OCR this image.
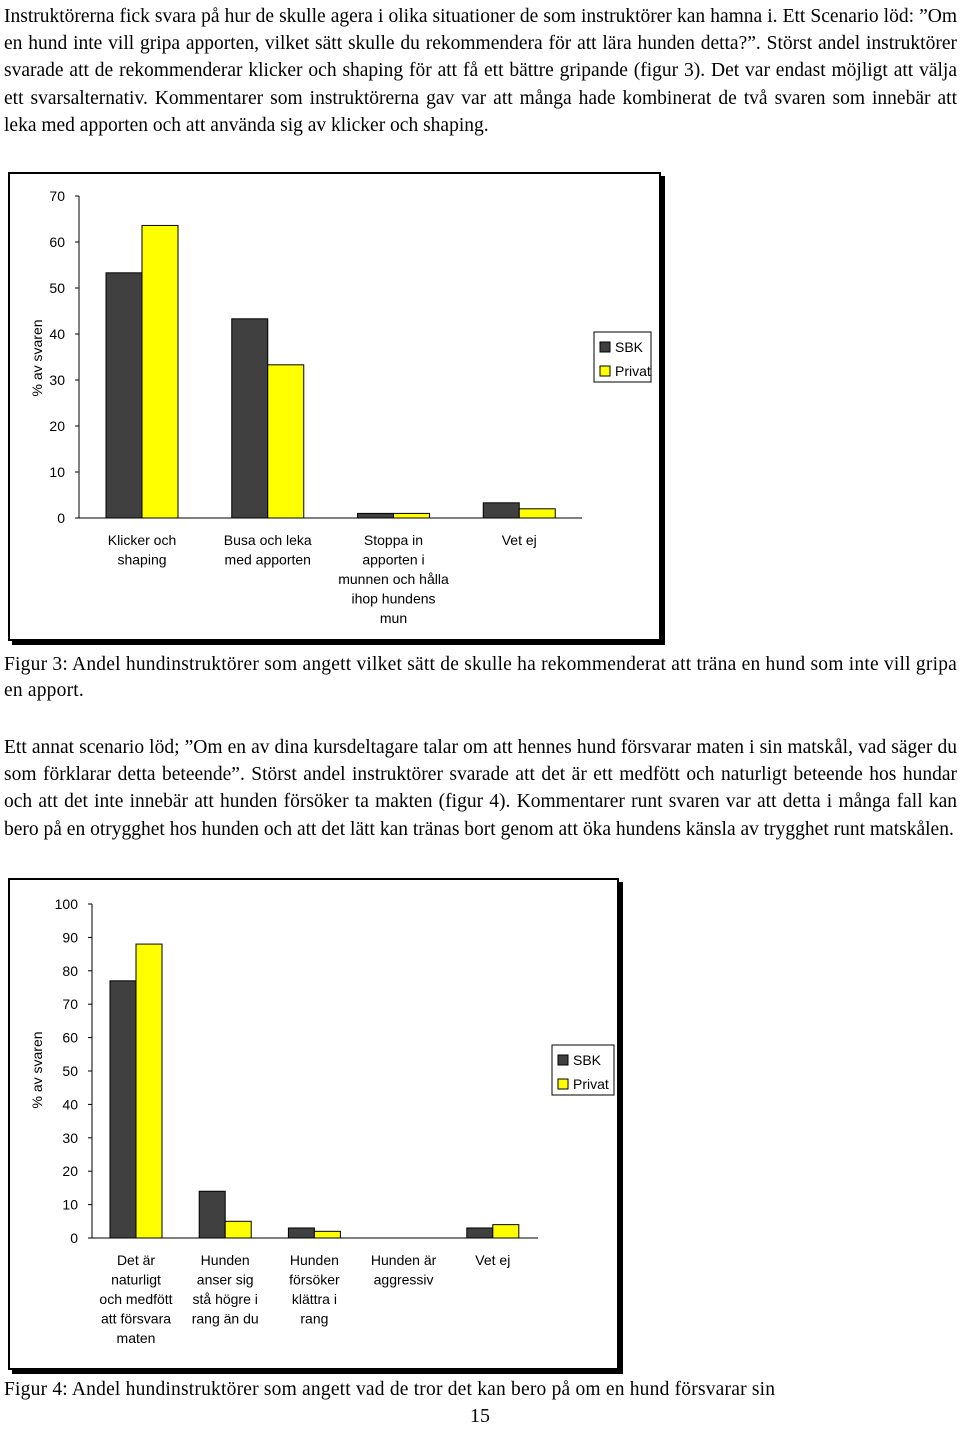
Instruktörerna fick svara på hur de skulle agera i olika situationer de som instruktörer kan hamna i. Ett Scenario löd: ”Om en hund inte vill gripa apporten, vilket sätt skulle du rekommendera för att lära hunden detta?”. Störst andel instruktörer svarade att de rekommenderar klicker och shaping för att få ett bättre gripande (figur 3). Det var endast möjligt att välja ett svarsalternativ. Kommentarer som instruktörerna gav var att många hade kombinerat de två svaren som innebär att leka med apporten och att använda sig av klicker och shaping.

0
10
20
30
40
50
60
70
% av svaren
Klicker och
shaping
Busa och leka
med apporten
Stoppa in
apporten i
munnen och hålla
ihop hundens
mun
Vet ej
SBK
Privat

Figur 3: Andel hundinstruktörer som angett vilket sätt de skulle ha rekommenderat att träna en hund som inte vill gripa en apport.

Ett annat scenario löd; ”Om en av dina kursdeltagare talar om att hennes hund försvarar maten i sin matskål, vad säger du som förklarar detta beteende”. Störst andel instruktörer svarade att det är ett medfött och naturligt beteende hos hundar och att det inte innebär att hunden försöker ta makten (figur 4). Kommentarer runt svaren var att detta i många fall kan bero på en otrygghet hos hunden och att det lätt kan tränas bort genom att öka hundens känsla av trygghet runt matskålen.

0
10
20
30
40
50
60
70
80
90
100
% av svaren
Det är
naturligt
och medfött
att försvara
maten
Hunden
anser sig
stå högre i
rang än du
Hunden
försöker
klättra i
rang
Hunden är
aggressiv
Vet ej
SBK
Privat

Figur 4: Andel hundinstruktörer som angett vad de tror det kan bero på om en hund försvarar sin

15
